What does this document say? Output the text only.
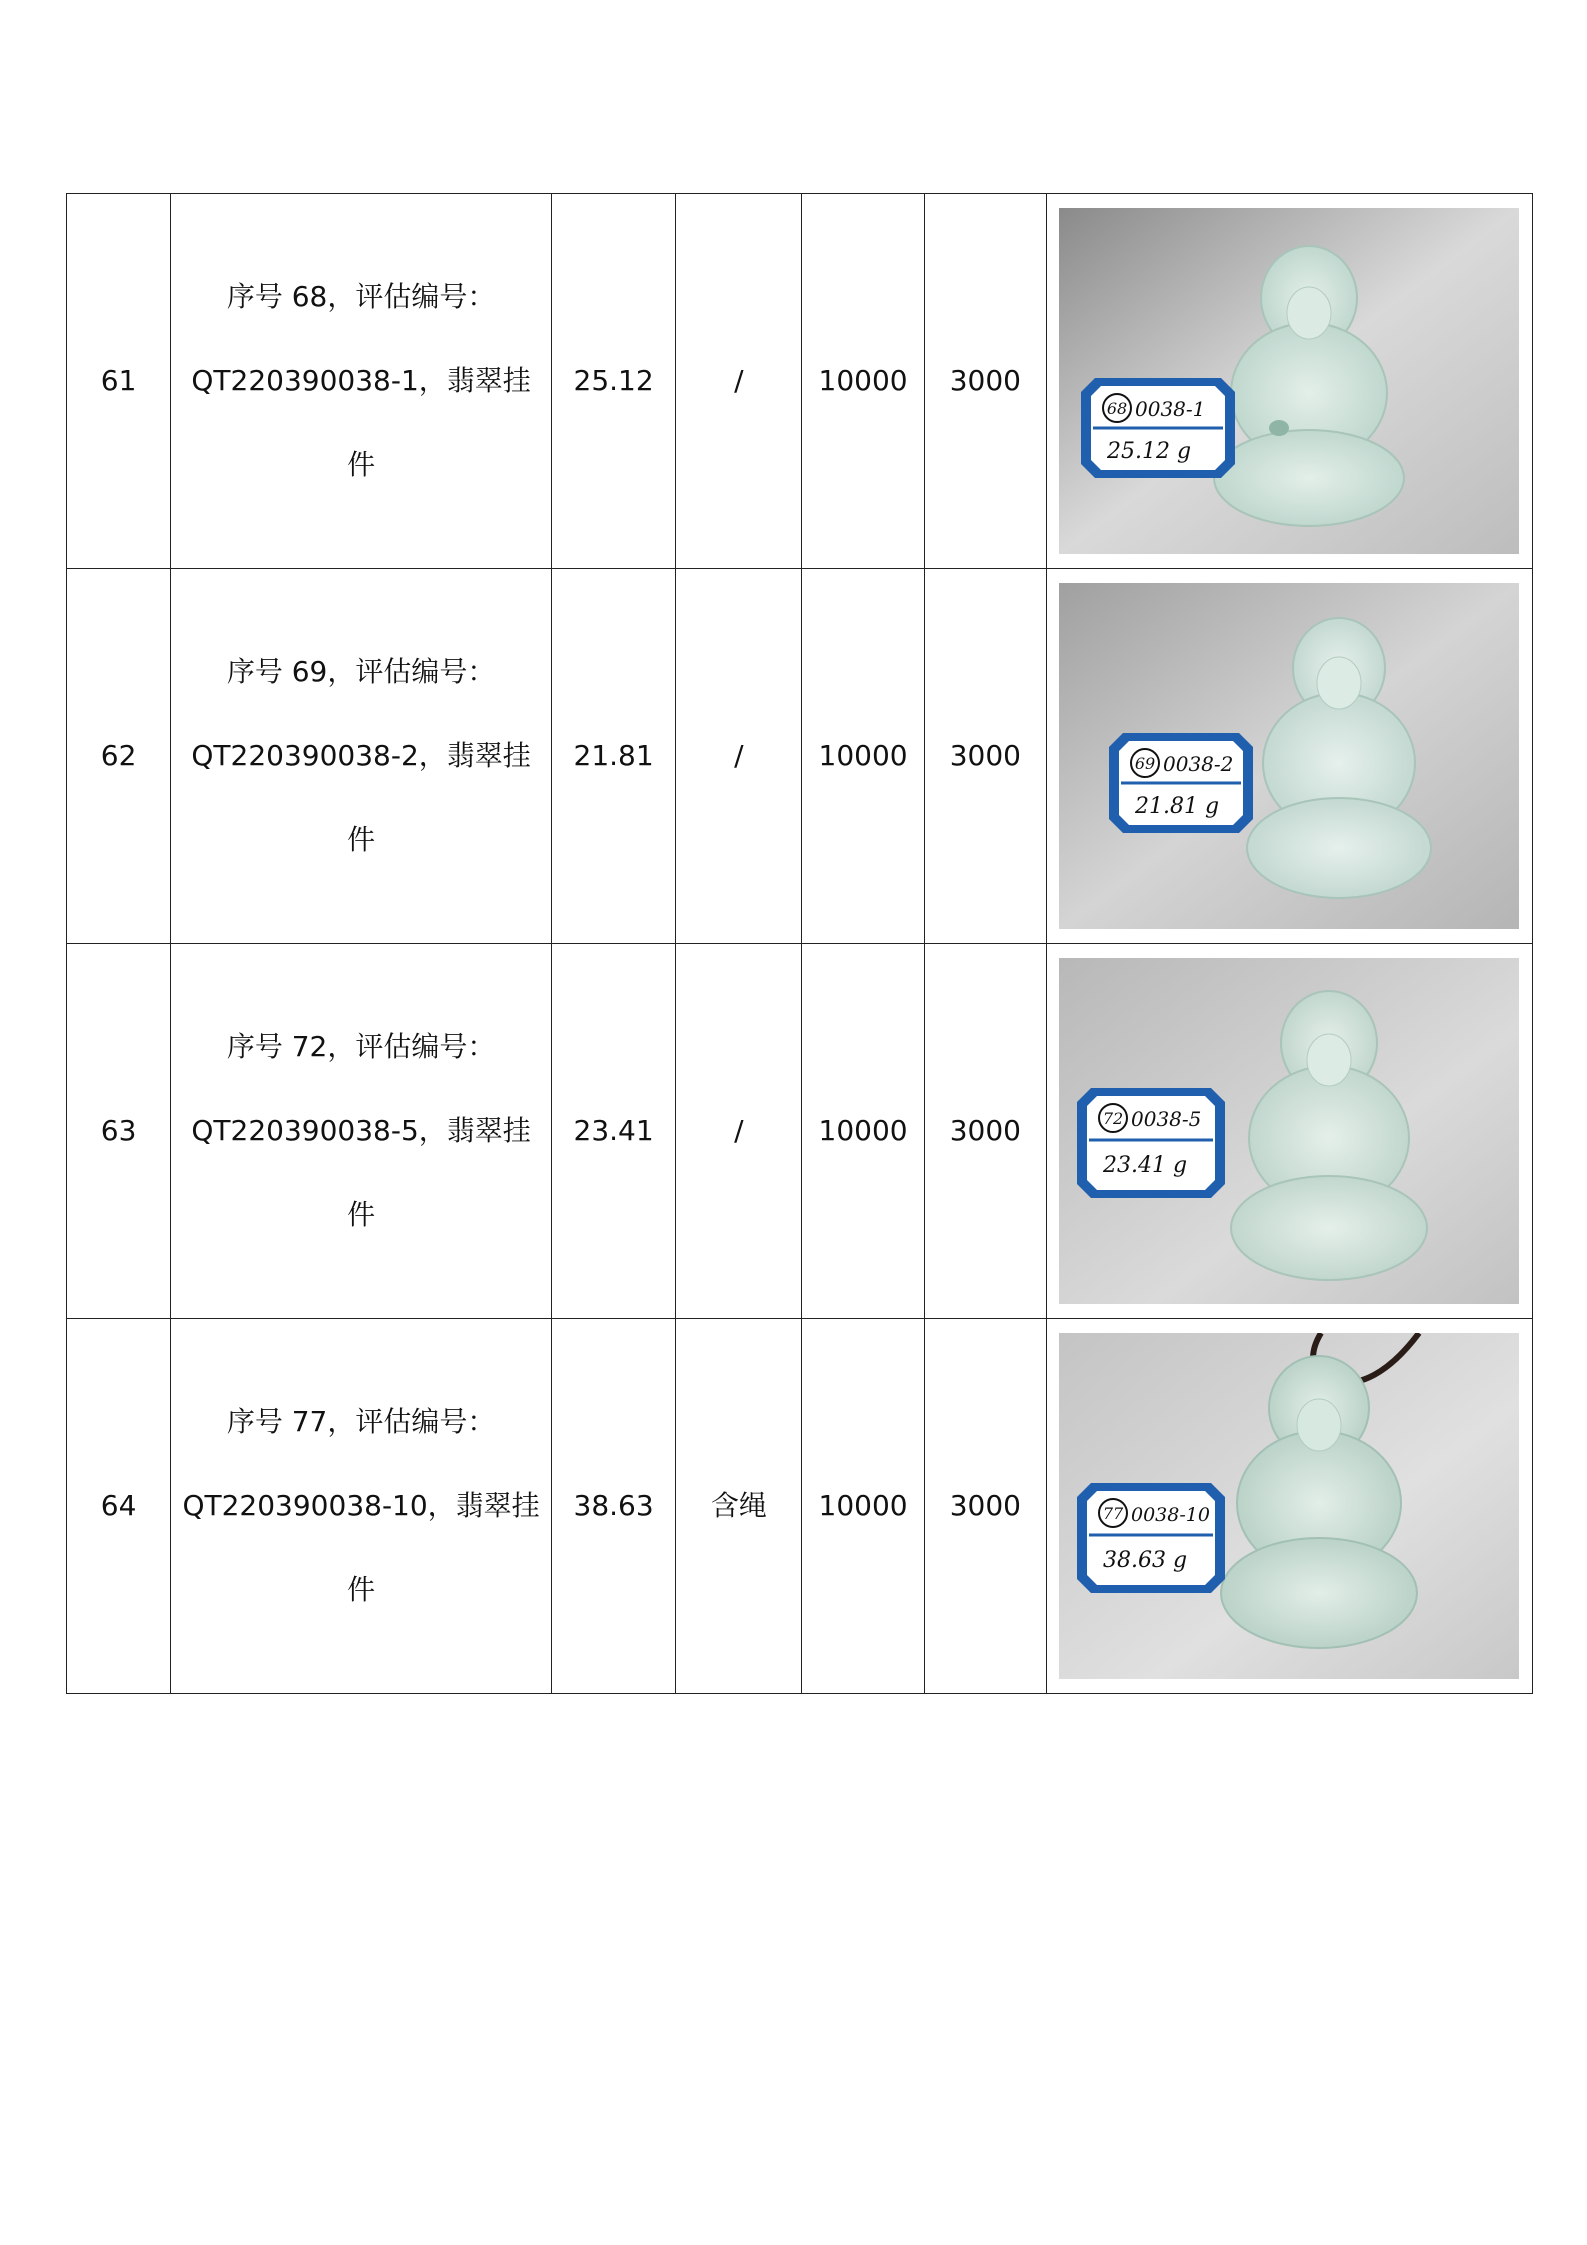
61	序号 68，评估编号：
QT220390038-1，翡翠挂
件	25.12	/	10000	3000	68 0038-1
25.12 g

62	序号 69，评估编号：
QT220390038-2，翡翠挂
件	21.81	/	10000	3000	69 0038-2
21.81 g

63	序号 72，评估编号：
QT220390038-5，翡翠挂
件	23.41	/	10000	3000	72 0038-5
23.41 g

64	序号 77，评估编号：
QT220390038-10，翡翠挂
件	38.63	含绳	10000	3000	77 0038-10
38.63 g
